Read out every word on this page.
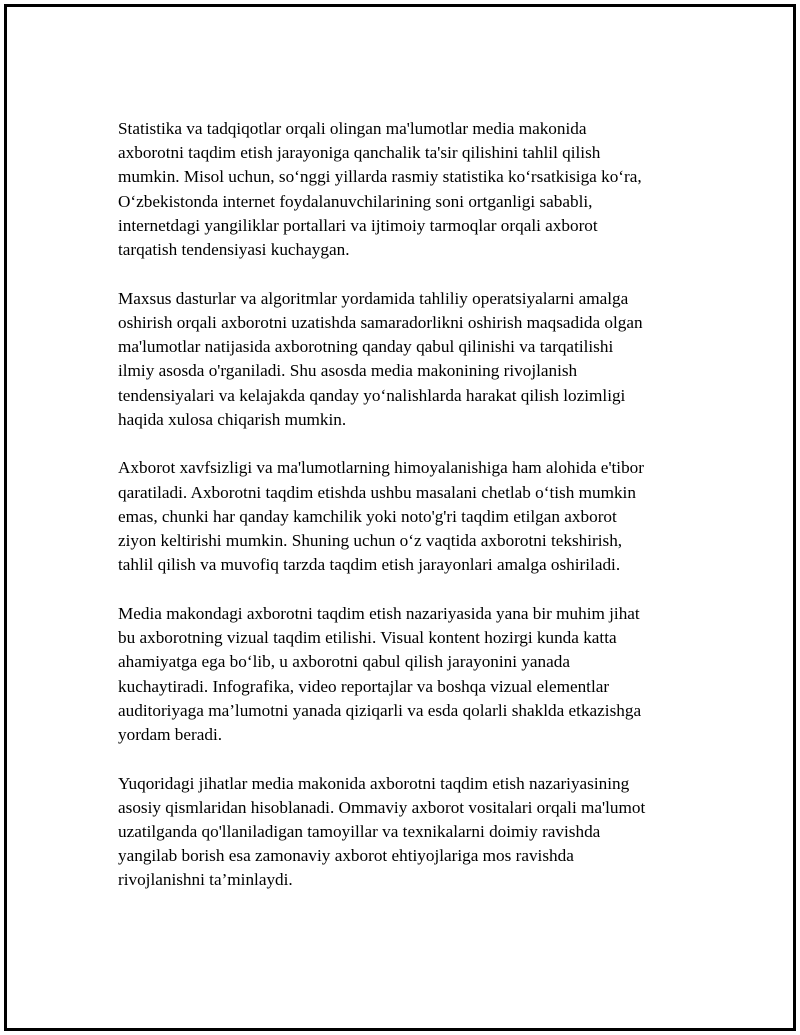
Statistika va tadqiqotlar orqali olingan ma'lumotlar media makonida
axborotni taqdim etish jarayoniga qanchalik ta'sir qilishini tahlil qilish
mumkin. Misol uchun, so‘nggi yillarda rasmiy statistika ko‘rsatkisiga ko‘ra,
O‘zbekistonda internet foydalanuvchilarining soni ortganligi sababli,
internetdagi yangiliklar portallari va ijtimoiy tarmoqlar orqali axborot
tarqatish tendensiyasi kuchaygan.

Maxsus dasturlar va algoritmlar yordamida tahliliy operatsiyalarni amalga
oshirish orqali axborotni uzatishda samaradorlikni oshirish maqsadida olgan
ma'lumotlar natijasida axborotning qanday qabul qilinishi va tarqatilishi
ilmiy asosda o'rganiladi. Shu asosda media makonining rivojlanish
tendensiyalari va kelajakda qanday yo‘nalishlarda harakat qilish lozimligi
haqida xulosa chiqarish mumkin.

Axborot xavfsizligi va ma'lumotlarning himoyalanishiga ham alohida e'tibor
qaratiladi. Axborotni taqdim etishda ushbu masalani chetlab o‘tish mumkin
emas, chunki har qanday kamchilik yoki noto'g'ri taqdim etilgan axborot
ziyon keltirishi mumkin. Shuning uchun o‘z vaqtida axborotni tekshirish,
tahlil qilish va muvofiq tarzda taqdim etish jarayonlari amalga oshiriladi.

Media makondagi axborotni taqdim etish nazariyasida yana bir muhim jihat
bu axborotning vizual taqdim etilishi. Visual kontent hozirgi kunda katta
ahamiyatga ega bo‘lib, u axborotni qabul qilish jarayonini yanada
kuchaytiradi. Infografika, video reportajlar va boshqa vizual elementlar
auditoriyaga ma’lumotni yanada qiziqarli va esda qolarli shaklda etkazishga
yordam beradi.

Yuqoridagi jihatlar media makonida axborotni taqdim etish nazariyasining
asosiy qismlaridan hisoblanadi. Ommaviy axborot vositalari orqali ma'lumot
uzatilganda qo'llaniladigan tamoyillar va texnikalarni doimiy ravishda
yangilab borish esa zamonaviy axborot ehtiyojlariga mos ravishda
rivojlanishni ta’minlaydi.
